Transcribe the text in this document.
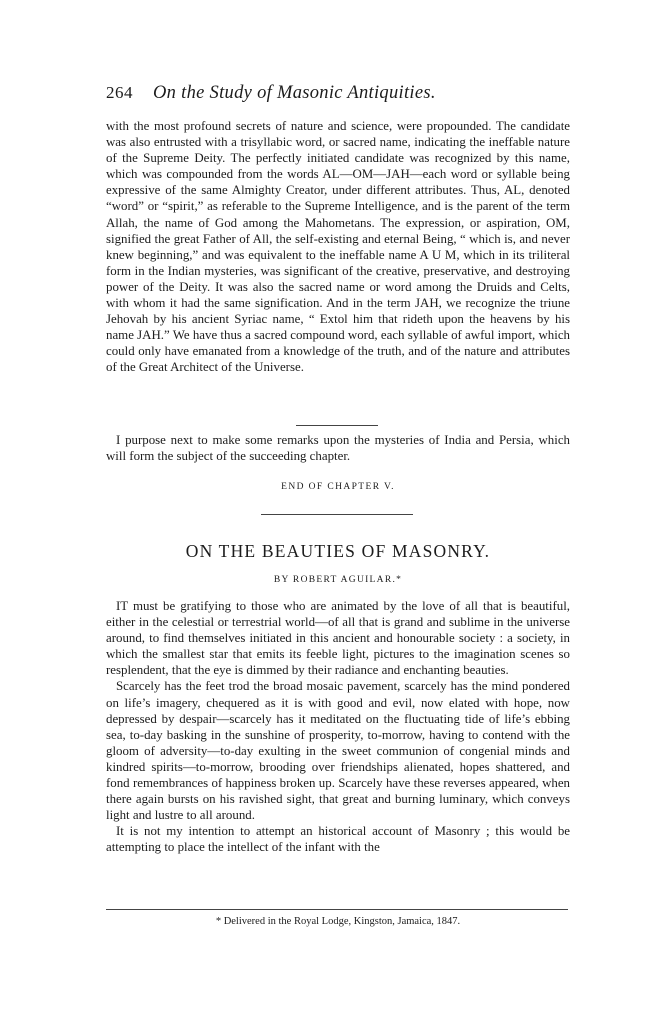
264 On the Study of Masonic Antiquities.

with the most profound secrets of nature and science, were propounded. The candidate was also entrusted with a trisyllabic word, or sacred name, indicating the ineffable nature of the Supreme Deity. The perfectly initiated candidate was recognized by this name, which was compounded from the words AL—OM—JAH—each word or syllable being expressive of the same Almighty Creator, under different attributes. Thus, AL, denoted “word” or “spirit,” as referable to the Supreme Intelligence, and is the parent of the term Allah, the name of God among the Mahometans. The expression, or aspiration, OM, signified the great Father of All, the self-existing and eternal Being, “ which is, and never knew beginning,” and was equivalent to the ineffable name A U M, which in its triliteral form in the Indian mysteries, was significant of the creative, preservative, and destroying power of the Deity. It was also the sacred name or word among the Druids and Celts, with whom it had the same signification. And in the term JAH, we recognize the triune Jehovah by his ancient Syriac name, “ Extol him that rideth upon the heavens by his name JAH.” We have thus a sacred compound word, each syllable of awful import, which could only have emanated from a knowledge of the truth, and of the nature and attributes of the Great Architect of the Universe.

I purpose next to make some remarks upon the mysteries of India and Persia, which will form the subject of the succeeding chapter.

END OF CHAPTER V.
ON THE BEAUTIES OF MASONRY.
BY ROBERT AGUILAR.*

IT must be gratifying to those who are animated by the love of all that is beautiful, either in the celestial or terrestrial world—of all that is grand and sublime in the universe around, to find themselves initiated in this ancient and honourable society : a society, in which the smallest star that emits its feeble light, pictures to the imagination scenes so resplendent, that the eye is dimmed by their radiance and enchanting beauties.

Scarcely has the feet trod the broad mosaic pavement, scarcely has the mind pondered on life’s imagery, chequered as it is with good and evil, now elated with hope, now depressed by despair—scarcely has it meditated on the fluctuating tide of life’s ebbing sea, to-day basking in the sunshine of prosperity, to-morrow, having to contend with the gloom of adversity—to-day exulting in the sweet communion of congenial minds and kindred spirits—to-morrow, brooding over friendships alienated, hopes shattered, and fond remembrances of happiness broken up. Scarcely have these reverses appeared, when there again bursts on his ravished sight, that great and burning luminary, which conveys light and lustre to all around.

It is not my intention to attempt an historical account of Masonry ; this would be attempting to place the intellect of the infant with the

* Delivered in the Royal Lodge, Kingston, Jamaica, 1847.
